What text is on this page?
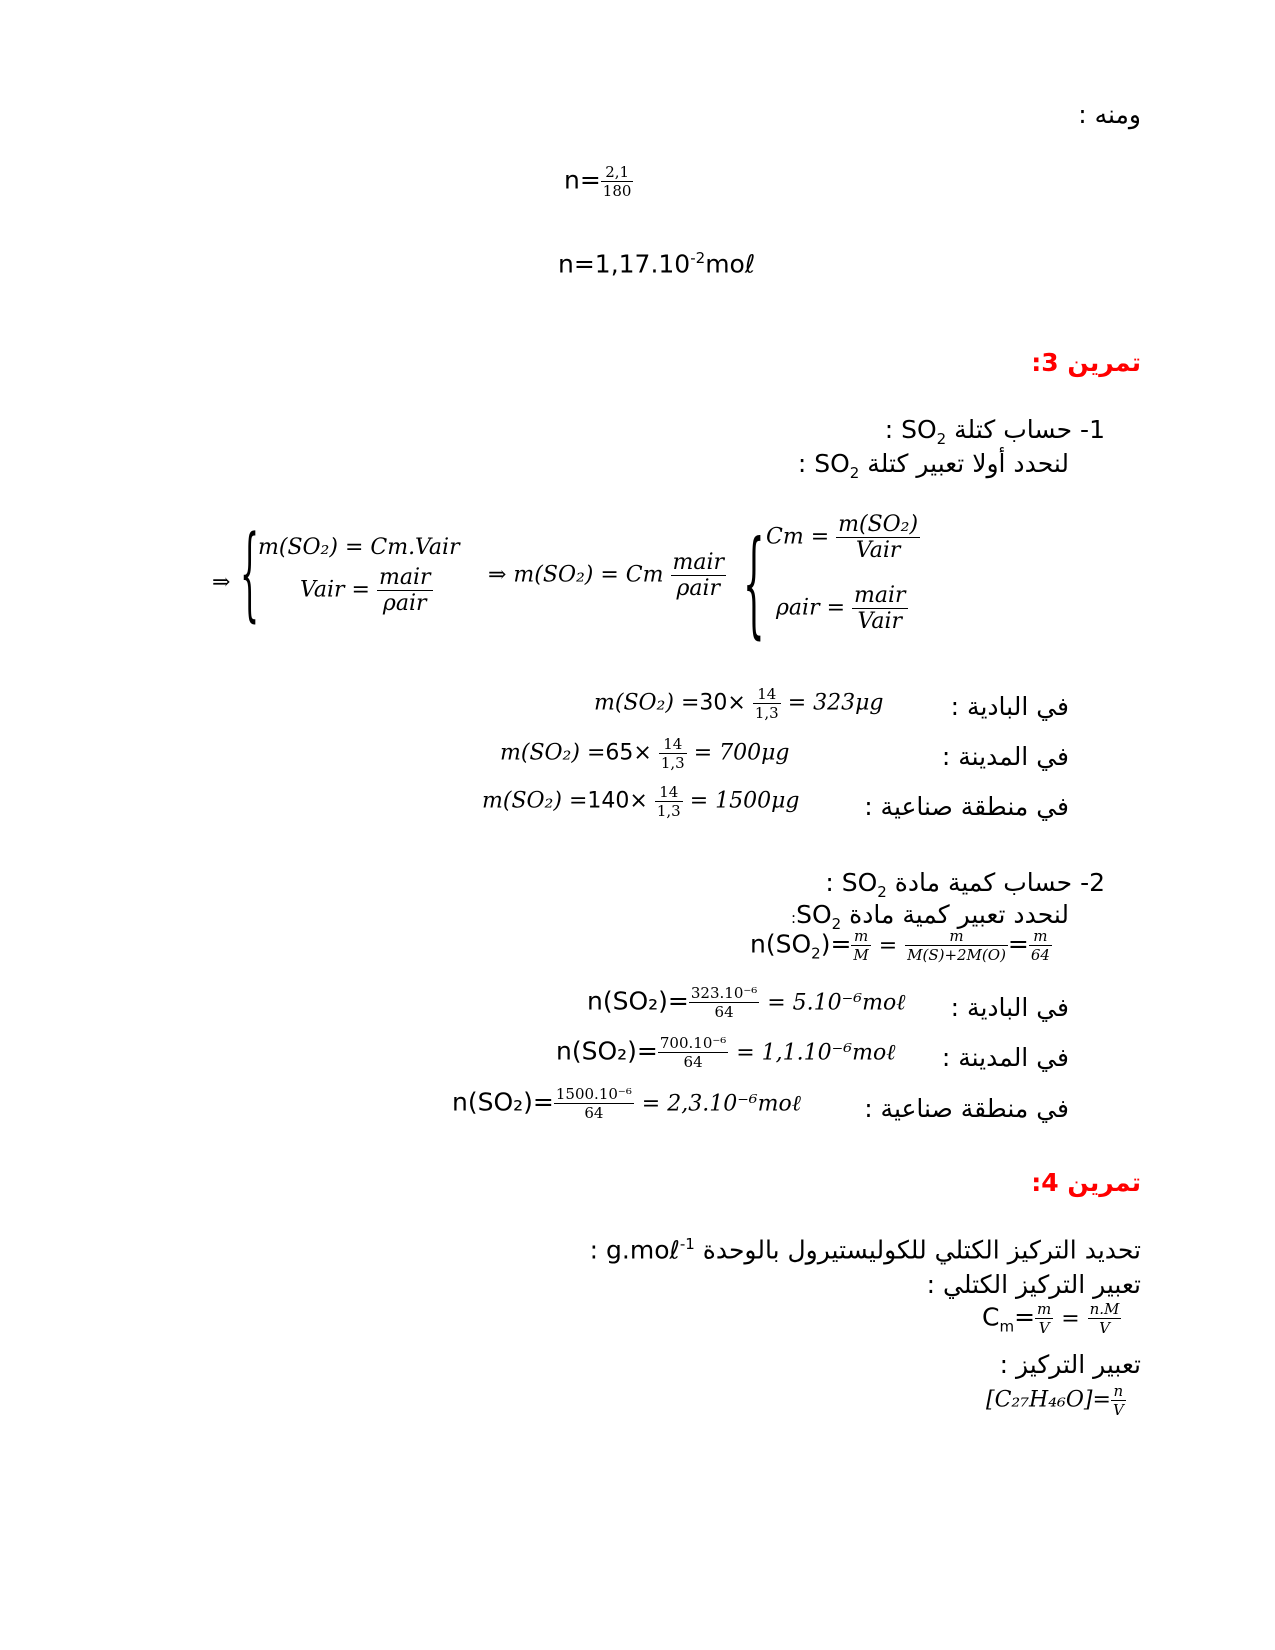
ومنه :
$n= \frac{2,1}{180}$
$n=1,17.10^{-2}mo\ell$
تمرين 3:
1- حساب كتلة $SO_2$ :
لنحدد أولا تعبير كتلة $SO_2$ :
⇒ {
m(SO₂) = Cm.Vair
Vair = $\frac{\text{mair}}{\text{ρair}}$	⇒ m(SO₂) = Cm $\frac{\text{mair}}{\text{ρair}}$ { $Cm = \frac{\text{m(SO₂)}}{\text{Vair}}$
$\rho air = \frac{\text{mair}}{\text{Vair}}$
في البادية :
$m(SO_2) =30\times \frac{14}{1,3} = 323\mu g$
في المدينة :
$m(SO_2) =65\times \frac{14}{1,3} = 700\mu g$
في منطقة صناعية :
$m(SO_2) =140\times \frac{14}{1,3} = 1500\mu g$
2- حساب كمية مادة $SO_2$ :
لنحدد تعبير كمية مادة $SO_2$:
$n(SO_2)= \frac{m}{M} = \frac{m}{M(S)+2M(O)} = \frac{m}{64}$
في البادية :
$n(SO_2)= \frac{\text{323.10⁻⁶}}{64}$ = 5.10⁻⁶moℓ
في المدينة :
$n(SO_2)= \frac{\text{700.10⁻⁶}}{64}$ = 1,1.10⁻⁶moℓ
في منطقة صناعية :
$n(SO_2)= \frac{\text{1500.10⁻⁶}}{64}$ = 2,3.10⁻⁶moℓ
تمرين 4:
تحديد التركيز الكتلي للكوليستيرول بالوحدة g.moℓ$^{-1}$ :
تعبير التركيز الكتلي :
$C_m= \frac{m}{V} = \frac{n.M}{V}$
تعبير التركيز :
$[C_{27}H_{46}O]= \frac{n}{V}$
